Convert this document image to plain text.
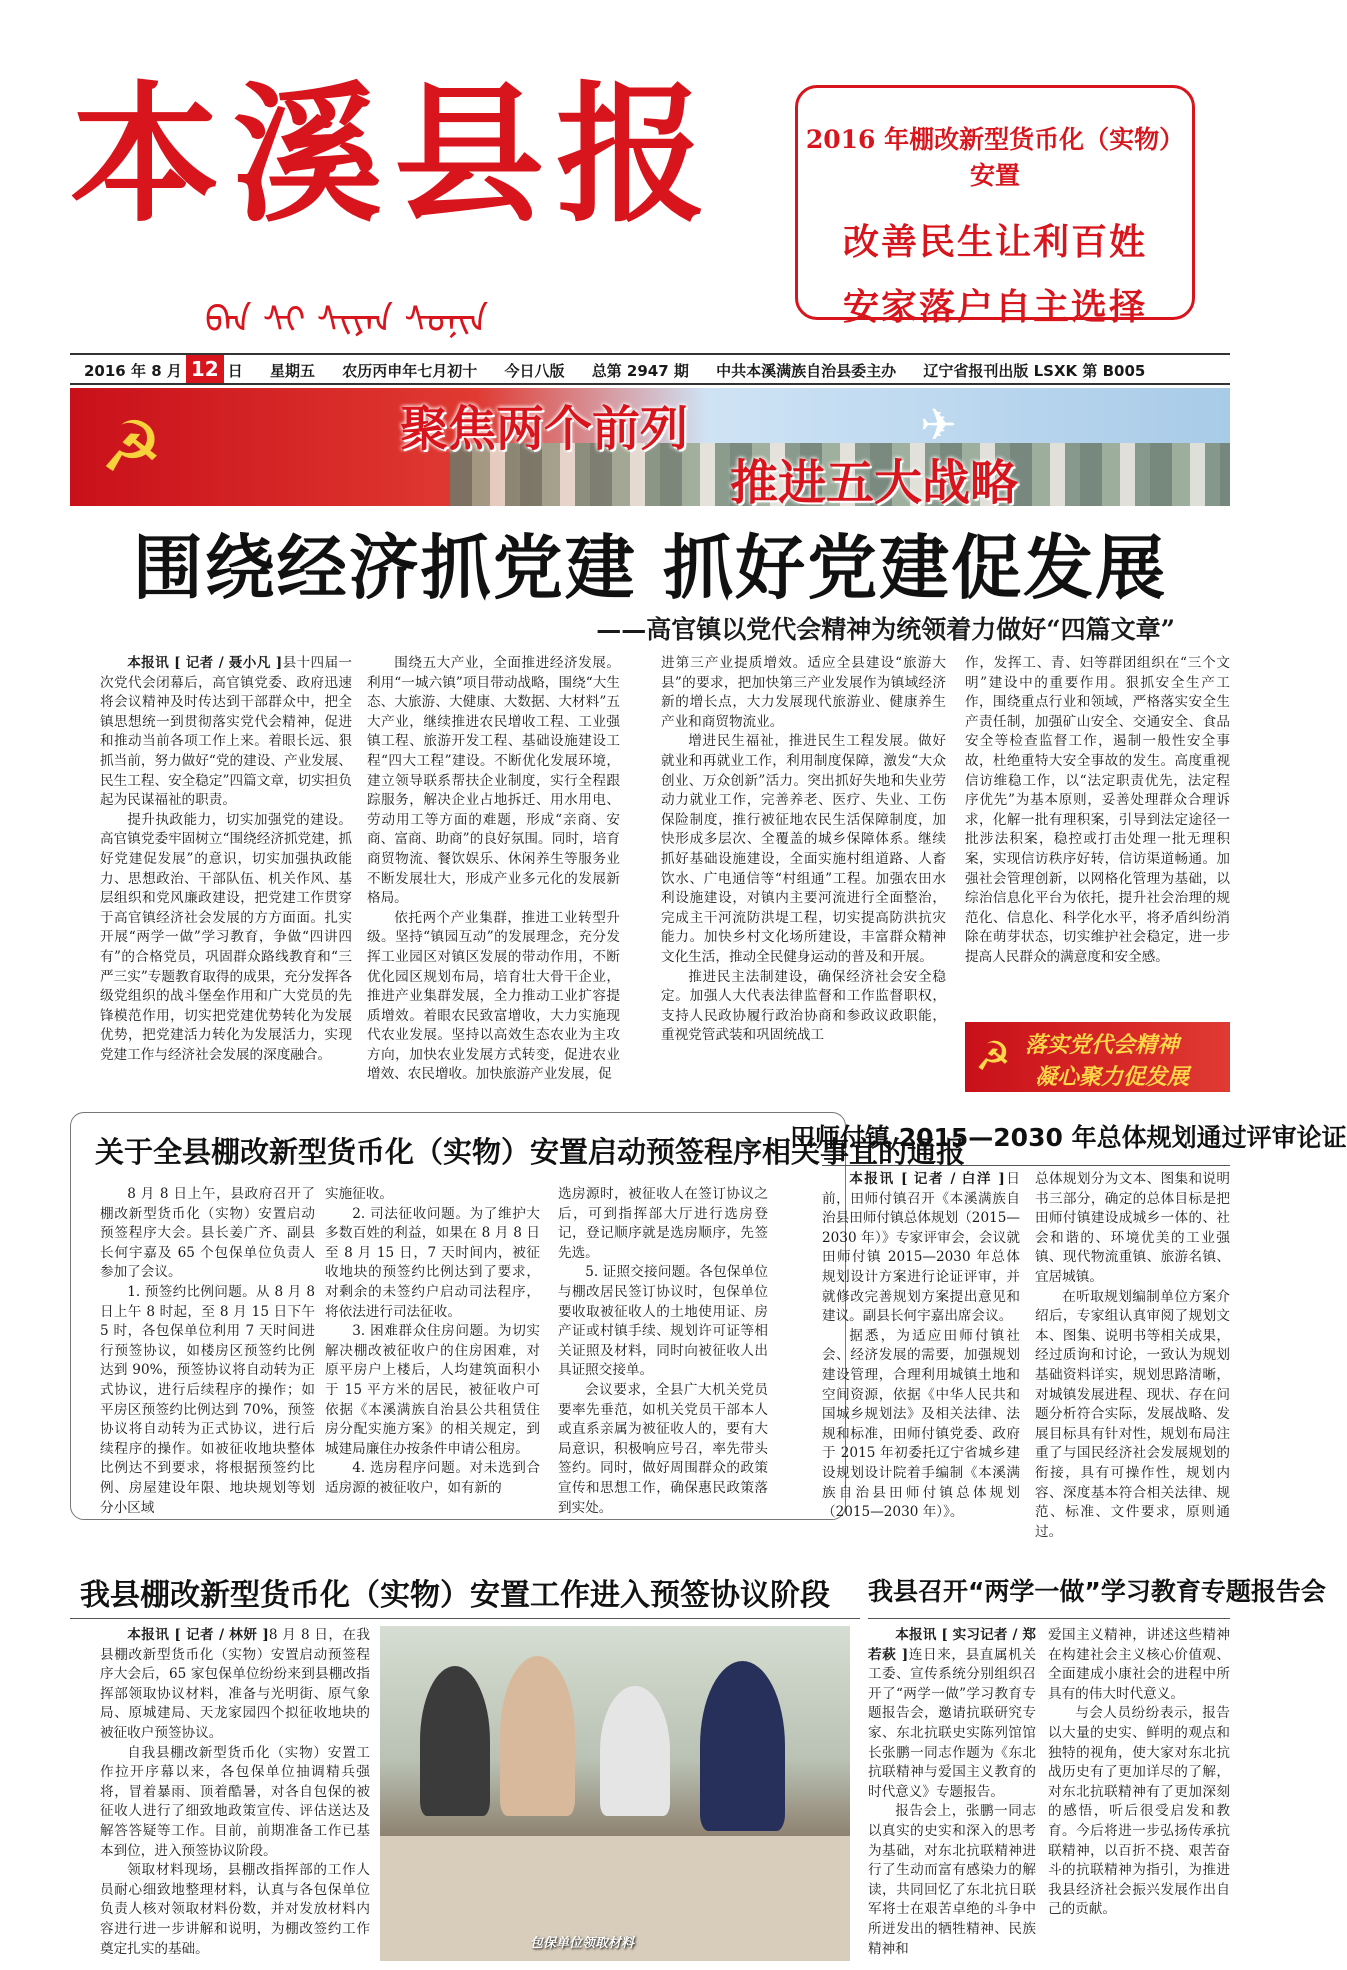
本溪县报
ᠪᠡᠨ ᠰᠢ ᠰᠢᠶᠠᠨ ᠰᠣᠨᠢᠨ
2016 年棚改新型货币化（实物）安置
改善民生让利百姓
安家落户自主选择
2016 年 8 月 12 日 星期五 农历丙申年七月初十 今日八版 总第 2947 期 中共本溪满族自治县委主办 辽宁省报刊出版 LSXK 第 B005
☭	✈
聚焦两个前列
推进五大战略
围绕经济抓党建 抓好党建促发展
——高官镇以党代会精神为统领着力做好“四篇文章”

本报讯 [ 记者 / 聂小凡 ]县十四届一次党代会闭幕后，高官镇党委、政府迅速将会议精神及时传达到干部群众中，把全镇思想统一到贯彻落实党代会精神，促进和推动当前各项工作上来。着眼长远、狠抓当前，努力做好“党的建设、产业发展、民生工程、安全稳定”四篇文章，切实担负起为民谋福祉的职责。

提升执政能力，切实加强党的建设。高官镇党委牢固树立“围绕经济抓党建，抓好党建促发展”的意识，切实加强执政能力、思想政治、干部队伍、机关作风、基层组织和党风廉政建设，把党建工作贯穿于高官镇经济社会发展的方方面面。扎实开展“两学一做”学习教育，争做“四讲四有”的合格党员，巩固群众路线教育和“三严三实”专题教育取得的成果，充分发挥各级党组织的战斗堡垒作用和广大党员的先锋模范作用，切实把党建优势转化为发展优势，把党建活力转化为发展活力，实现党建工作与经济社会发展的深度融合。

围绕五大产业，全面推进经济发展。利用“一城六镇”项目带动战略，围绕“大生态、大旅游、大健康、大数据、大材料”五大产业，继续推进农民增收工程、工业强镇工程、旅游开发工程、基础设施建设工程“四大工程”建设。不断优化发展环境，建立领导联系帮扶企业制度，实行全程跟踪服务，解决企业占地拆迁、用水用电、劳动用工等方面的难题，形成“亲商、安商、富商、助商”的良好氛围。同时，培育商贸物流、餐饮娱乐、休闲养生等服务业不断发展壮大，形成产业多元化的发展新格局。

依托两个产业集群，推进工业转型升级。坚持“镇园互动”的发展理念，充分发挥工业园区对镇区发展的带动作用，不断优化园区规划布局，培育壮大骨干企业，推进产业集群发展，全力推动工业扩容提质增效。着眼农民致富增收，大力实施现代农业发展。坚持以高效生态农业为主攻方向，加快农业发展方式转变，促进农业增效、农民增收。加快旅游产业发展，促

进第三产业提质增效。适应全县建设“旅游大县”的要求，把加快第三产业发展作为镇域经济新的增长点，大力发展现代旅游业、健康养生产业和商贸物流业。

增进民生福祉，推进民生工程发展。做好就业和再就业工作，利用制度保障，激发“大众创业、万众创新”活力。突出抓好失地和失业劳动力就业工作，完善养老、医疗、失业、工伤保险制度，推行被征地农民生活保障制度，加快形成多层次、全覆盖的城乡保障体系。继续抓好基础设施建设，全面实施村组道路、人畜饮水、广电通信等“村组通”工程。加强农田水利设施建设，对镇内主要河流进行全面整治，完成主干河流防洪堤工程，切实提高防洪抗灾能力。加快乡村文化场所建设，丰富群众精神文化生活，推动全民健身运动的普及和开展。

推进民主法制建设，确保经济社会安全稳定。加强人大代表法律监督和工作监督职权，支持人民政协履行政治协商和参政议政职能，重视党管武装和巩固统战工

作，发挥工、青、妇等群团组织在“三个文明”建设中的重要作用。狠抓安全生产工作，围绕重点行业和领域，严格落实安全生产责任制，加强矿山安全、交通安全、食品安全等检查监督工作，遏制一般性安全事故，杜绝重特大安全事故的发生。高度重视信访维稳工作，以“法定职责优先，法定程序优先”为基本原则，妥善处理群众合理诉求，化解一批有理积案，引导到法定途径一批涉法积案，稳控或打击处理一批无理积案，实现信访秩序好转，信访渠道畅通。加强社会管理创新，以网格化管理为基础，以综治信息化平台为依托，提升社会治理的规范化、信息化、科学化水平，将矛盾纠纷消除在萌芽状态，切实维护社会稳定，进一步提高人民群众的满意度和安全感。

☭ 落实党代会精神
凝心聚力促发展
关于全县棚改新型货币化（实物）安置启动预签程序相关事宜的通报

8 月 8 日上午，县政府召开了棚改新型货币化（实物）安置启动预签程序大会。县长姜广齐、副县长何宇嘉及 65 个包保单位负责人参加了会议。

1. 预签约比例问题。从 8 月 8 日上午 8 时起，至 8 月 15 日下午 5 时，各包保单位利用 7 天时间进行预签协议，如楼房区预签约比例达到 90%，预签协议将自动转为正式协议，进行后续程序的操作；如平房区预签约比例达到 70%，预签协议将自动转为正式协议，进行后续程序的操作。如被征收地块整体比例达不到要求，将根据预签约比例、房屋建设年限、地块规划等划分小区域

实施征收。

2. 司法征收问题。为了维护大多数百姓的利益，如果在 8 月 8 日至 8 月 15 日，7 天时间内，被征收地块的预签约比例达到了要求，对剩余的未签约户启动司法程序，将依法进行司法征收。

3. 困难群众住房问题。为切实解决棚改被征收户的住房困难，对原平房户上楼后，人均建筑面积小于 15 平方米的居民，被征收户可依据《本溪满族自治县公共租赁住房分配实施方案》的相关规定，到城建局廉住办按条件申请公租房。

4. 选房程序问题。对未选到合适房源的被征收户，如有新的

选房源时，被征收人在签订协议之后，可到指挥部大厅进行选房登记，登记顺序就是选房顺序，先签先选。

5. 证照交接问题。各包保单位与棚改居民签订协议时，包保单位要收取被征收人的土地使用证、房产证或村镇手续、规划许可证等相关证照及材料，同时向被征收人出具证照交接单。

会议要求，全县广大机关党员要率先垂范，如机关党员干部本人或直系亲属为被征收人的，要有大局意识，积极响应号召，率先带头签约。同时，做好周围群众的政策宣传和思想工作，确保惠民政策落到实处。

田师付镇 2015—2030 年总体规划通过评审论证

本报讯 [ 记者 / 白洋 ]日前，田师付镇召开《本溪满族自治县田师付镇总体规划（2015—2030 年）》专家评审会，会议就田师付镇 2015—2030 年总体规划设计方案进行论证评审，并就修改完善规划方案提出意见和建议。副县长何宇嘉出席会议。

据悉，为适应田师付镇社会、经济发展的需要，加强规划建设管理，合理利用城镇土地和空间资源，依据《中华人民共和国城乡规划法》及相关法律、法规和标准，田师付镇党委、政府于 2015 年初委托辽宁省城乡建设规划设计院着手编制《本溪满族自治县田师付镇总体规划（2015—2030 年）》。

总体规划分为文本、图集和说明书三部分，确定的总体目标是把田师付镇建设成城乡一体的、社会和谐的、环境优美的工业强镇、现代物流重镇、旅游名镇、宜居城镇。

在听取规划编制单位方案介绍后，专家组认真审阅了规划文本、图集、说明书等相关成果，经过质询和讨论，一致认为规划基础资料详实，规划思路清晰，对城镇发展进程、现状、存在问题分析符合实际，发展战略、发展目标具有针对性，规划布局注重了与国民经济社会发展规划的衔接，具有可操作性，规划内容、深度基本符合相关法律、规范、标准、文件要求，原则通过。

我县棚改新型货币化（实物）安置工作进入预签协议阶段

本报讯 [ 记者 / 林妍 ]8 月 8 日，在我县棚改新型货币化（实物）安置启动预签程序大会后，65 家包保单位纷纷来到县棚改指挥部领取协议材料，准备与光明街、原气象局、原城建局、天龙家园四个拟征收地块的被征收户预签协议。

自我县棚改新型货币化（实物）安置工作拉开序幕以来，各包保单位抽调精兵强将，冒着暴雨、顶着酷暑，对各自包保的被征收人进行了细致地政策宣传、评估送达及解答答疑等工作。目前，前期准备工作已基本到位，进入预签协议阶段。

领取材料现场，县棚改指挥部的工作人员耐心细致地整理材料，认真与各包保单位负责人核对领取材料份数，并对发放材料内容进行进一步讲解和说明，为棚改签约工作奠定扎实的基础。	包保单位领取材料
我县召开“两学一做”学习教育专题报告会

本报讯 [ 实习记者 / 郑若萩 ]连日来，县直属机关工委、宣传系统分别组织召开了“两学一做”学习教育专题报告会，邀请抗联研究专家、东北抗联史实陈列馆馆长张鹏一同志作题为《东北抗联精神与爱国主义教育的时代意义》专题报告。

报告会上，张鹏一同志以真实的史实和深入的思考为基础，对东北抗联精神进行了生动而富有感染力的解读，共同回忆了东北抗日联军将士在艰苦卓绝的斗争中所迸发出的牺牲精神、民族精神和

爱国主义精神，讲述这些精神在构建社会主义核心价值观、全面建成小康社会的进程中所具有的伟大时代意义。

与会人员纷纷表示，报告以大量的史实、鲜明的观点和独特的视角，使大家对东北抗战历史有了更加详尽的了解，对东北抗联精神有了更加深刻的感悟，听后很受启发和教育。今后将进一步弘扬传承抗联精神，以百折不挠、艰苦奋斗的抗联精神为指引，为推进我县经济社会振兴发展作出自己的贡献。
